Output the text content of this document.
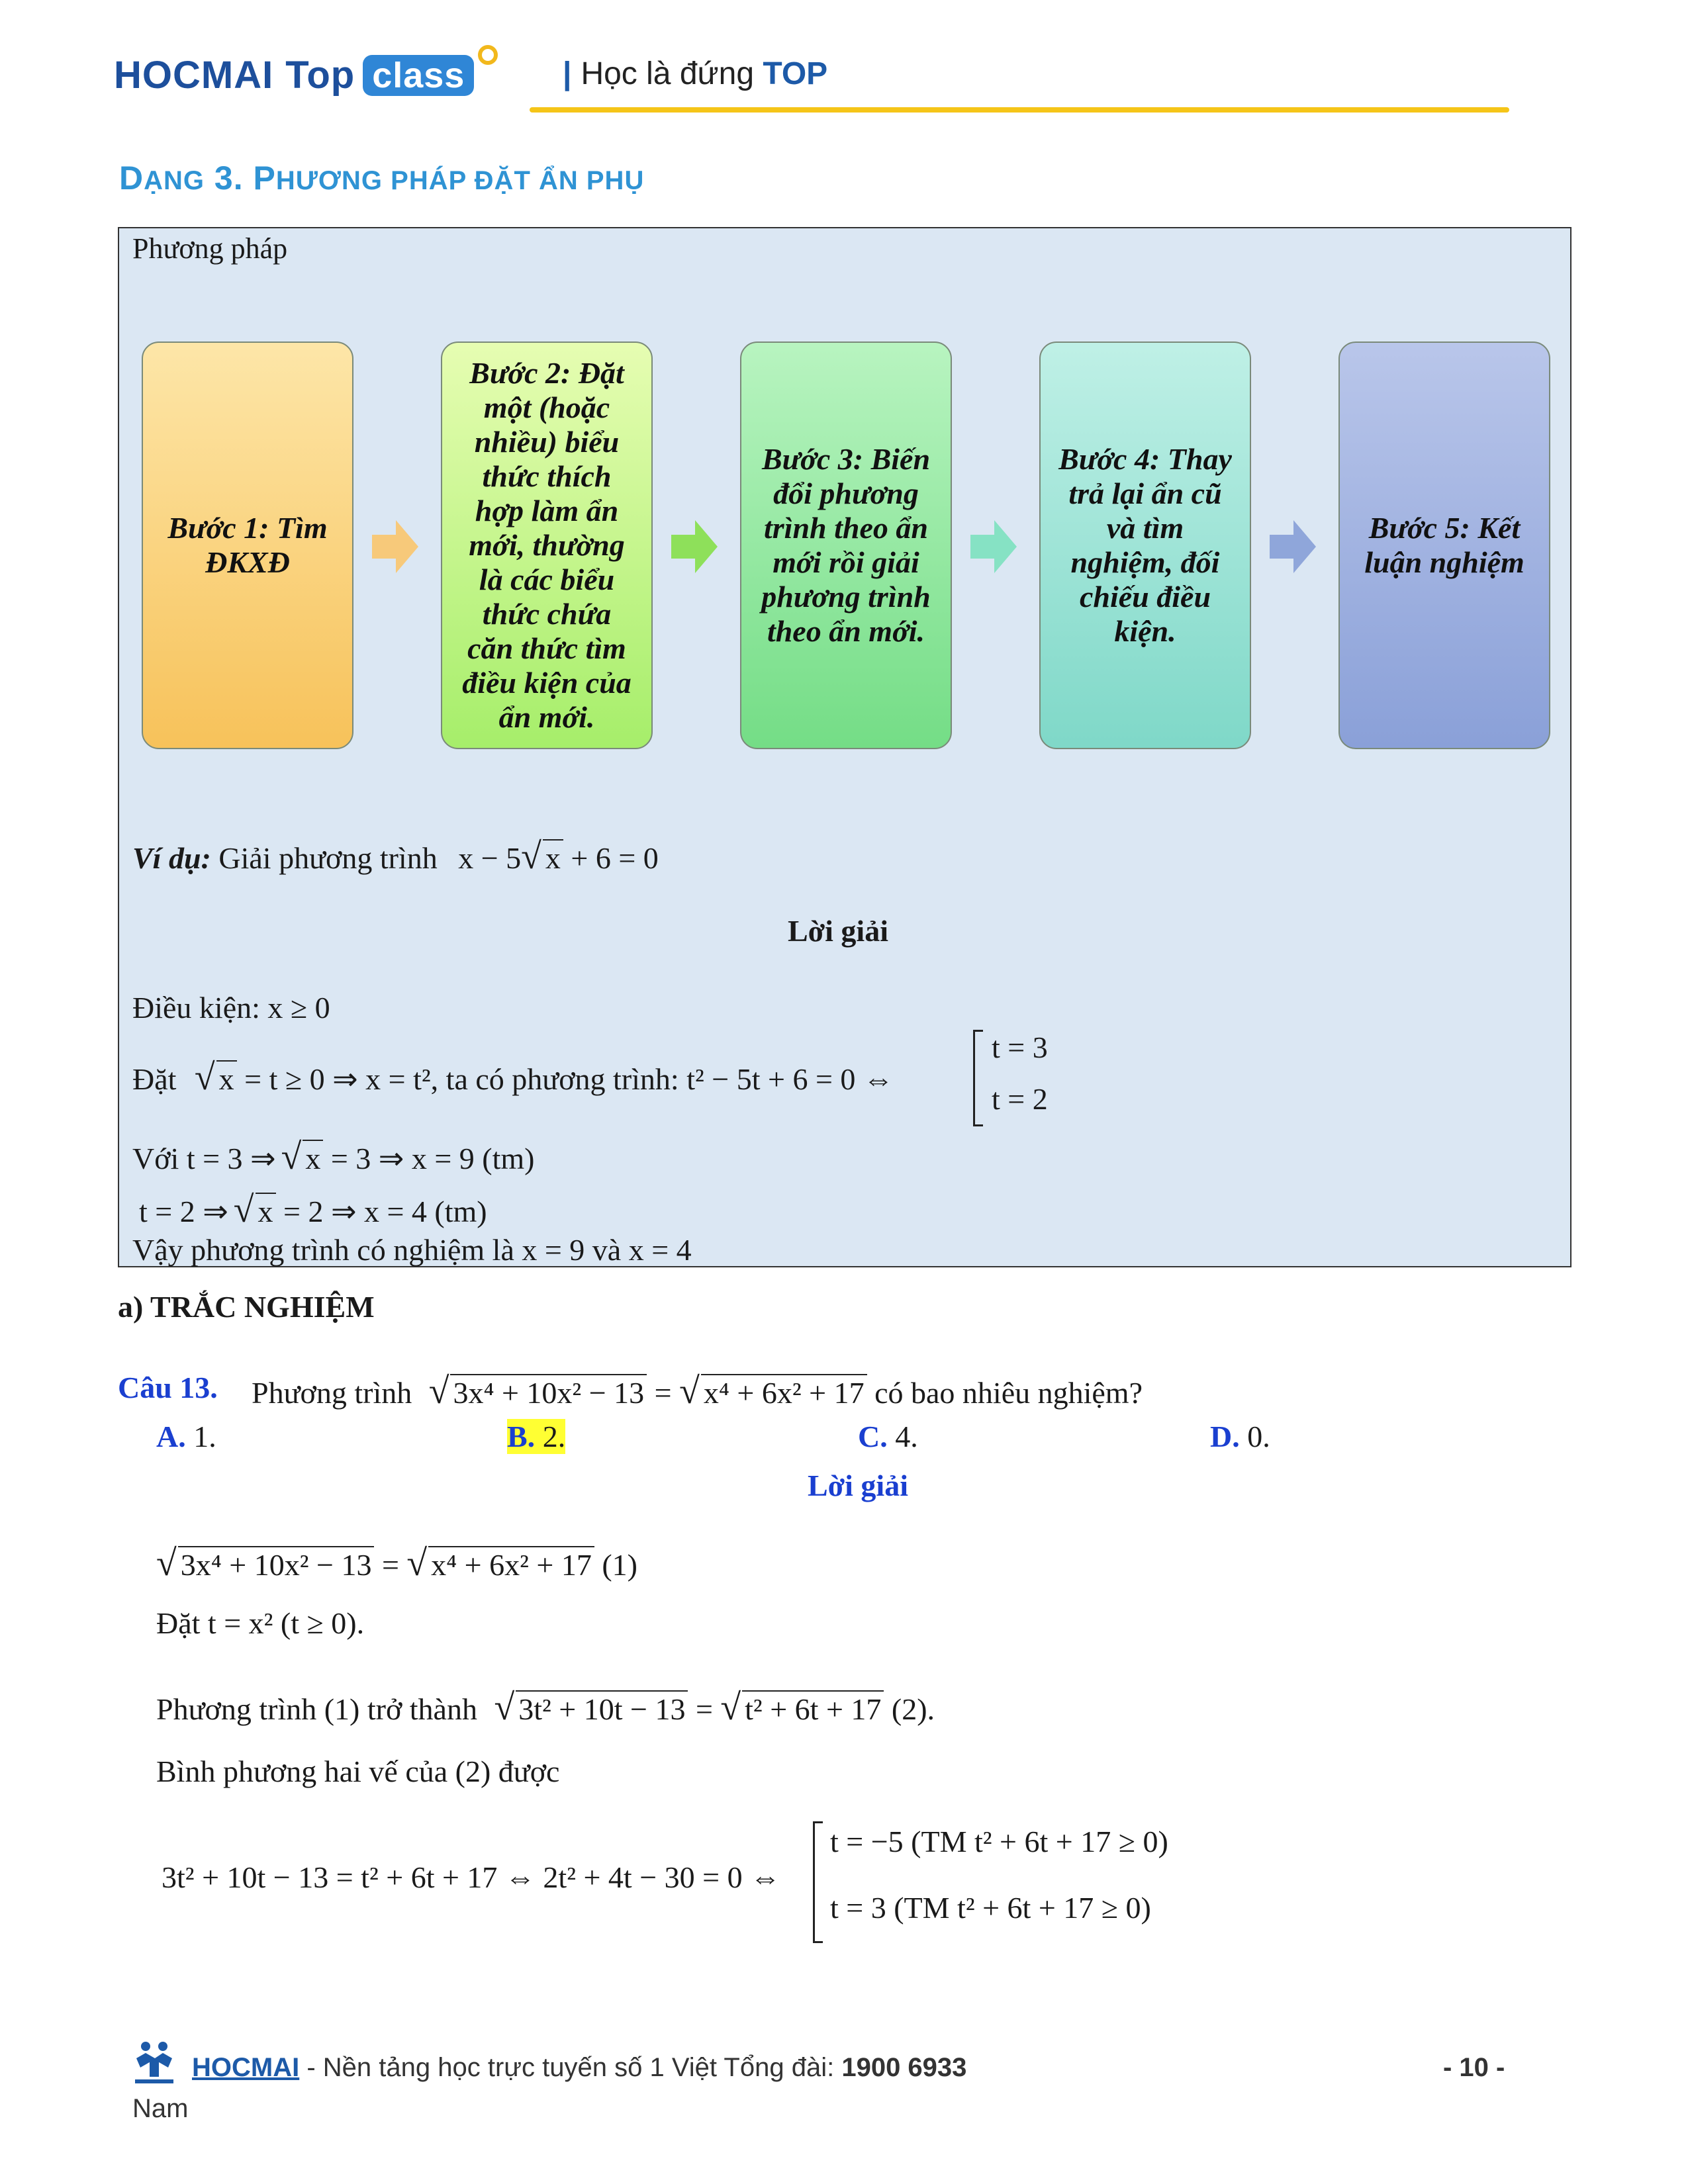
HOCMAI Top class	| Học là đứng TOP
DẠNG 3. PHƯƠNG PHÁP ĐẶT ẨN PHỤ
Phương pháp
Bước 1: Tìm ĐKXĐ
Bước 2: Đặt một (hoặc nhiều) biểu thức thích hợp làm ẩn mới, thường là các biểu thức chứa căn thức tìm điều kiện của ẩn mới.
Bước 3: Biến đổi phương trình theo ẩn mới rồi giải phương trình theo ẩn mới.
Bước 4: Thay trả lại ẩn cũ và tìm nghiệm, đối chiếu điều kiện.
Bước 5: Kết luận nghiệm
Ví dụ: Giải phương trình x − 5√ x + 6 = 0
Lời giải
Điều kiện: x ≥ 0
Đặt √ x = t ≥ 0 ⇒ x = t², ta có phương trình: t² − 5t + 6 = 0 ⇔
t = 3
t = 2
Với t = 3 ⇒ √ x = 3 ⇒ x = 9 (tm)
t = 2 ⇒ √ x = 2 ⇒ x = 4 (tm)
Vậy phương trình có nghiệm là x = 9 và x = 4
a) TRẮC NGHIỆM
Câu 13. Phương trình √ 3x⁴ + 10x² − 13 = √ x⁴ + 6x² + 17 có bao nhiêu nghiệm?
A. 1.	B. 2.	C. 4.	D. 0.
Lời giải
√ 3x⁴ + 10x² − 13 = √ x⁴ + 6x² + 17 (1)
Đặt t = x² (t ≥ 0).
Phương trình (1) trở thành √ 3t² + 10t − 13 = √ t² + 6t + 17 (2).
Bình phương hai vế của (2) được
3t² + 10t − 13 = t² + 6t + 17 ⇔ 2t² + 4t − 30 = 0 ⇔
t = −5 (TM t² + 6t + 17 ≥ 0)
t = 3 (TM t² + 6t + 17 ≥ 0)
HOCMAI - Nền tảng học trực tuyến số 1 Việt Tổng đài: 1900 6933
Nam
- 10 -
